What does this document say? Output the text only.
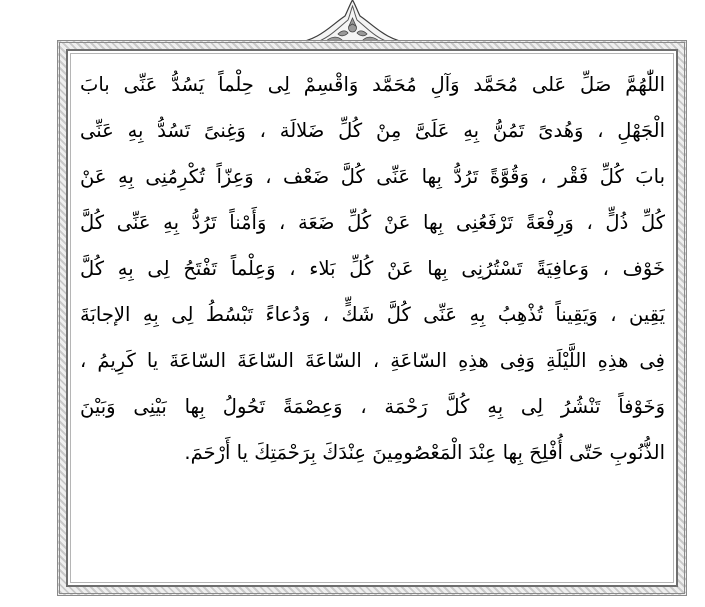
اللّٰهُمَّ صَلِّ عَلى مُحَمَّد وَآلِ مُحَمَّد وَاقْسِمْ لِى حِلْماً يَسُدُّ عَنِّى بابَ
الْجَهْلِ ، وَهُدىً تَمُنُّ بِهِ عَلَىَّ مِنْ كُلِّ ضَلالَة ، وَغِنىً تَسُدُّ بِهِ عَنِّى
بابَ كُلِّ فَقْر ، وَقُوَّةً تَرُدُّ بِها عَنِّى كُلَّ ضَعْف ، وَعِزّاً تُكْرِمُنِى بِهِ عَنْ
كُلِّ ذُلٍّ ، وَرِفْعَةً تَرْفَعُنِى بِها عَنْ كُلِّ ضَعَة ، وَأَمْناً تَرُدُّ بِهِ عَنِّى كُلَّ
خَوْف ، وَعافِيَةً تَسْتُرُنِى بِها عَنْ كُلِّ بَلاء ، وَعِلْماً تَفْتَحُ لِى بِهِ كُلَّ
يَقِين ، وَيَقِيناً تُذْهِبُ بِهِ عَنِّى كُلَّ شَكٍّ ، وَدُعاءً تَبْسُطُ لِى بِهِ الإجابَةَ
فِى هذِهِ اللَّيْلَةِ وَفِى هذِهِ السّاعَةِ ، السّاعَةَ السّاعَةَ السّاعَةَ يا كَرِيمُ ،
وَخَوْفاً تَنْشُرُ لِى بِهِ كُلَّ رَحْمَة ، وَعِصْمَةً تَحُولُ بِها بَيْنِى وَبَيْنَ
الذُّنُوبِ حَتّى أُفْلِحَ بِها عِنْدَ الْمَعْصُومِينَ عِنْدَكَ بِرَحْمَتِكَ يا أَرْحَمَ.
